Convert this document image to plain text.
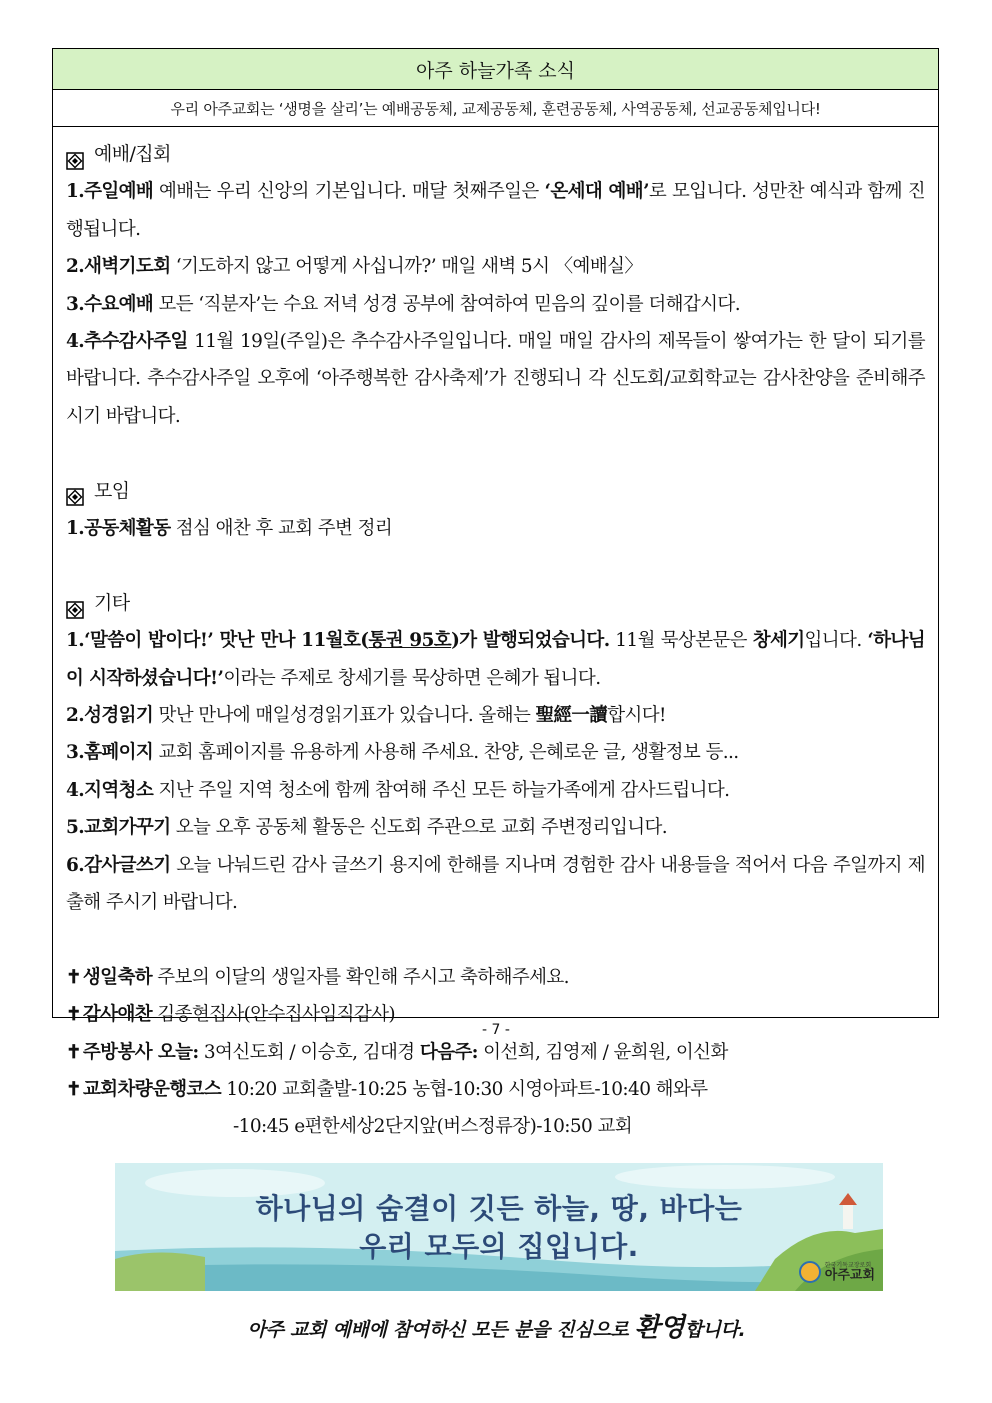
아주 하늘가족 소식
우리 아주교회는 ‘생명을 살리’는 예배공동체, 교제공동체, 훈련공동체, 사역공동체, 선교공동체입니다!
예배/집회

1.주일예배 예배는 우리 신앙의 기본입니다. 매달 첫째주일은 ‘온세대 예배’로 모입니다. 성만찬 예식과 함께 진행됩니다.

2.새벽기도회 ‘기도하지 않고 어떻게 사십니까?’ 매일 새벽 5시 〈예배실〉

3.수요예배 모든 ‘직분자’는 수요 저녁 성경 공부에 참여하여 믿음의 깊이를 더해갑시다.

4.추수감사주일 11월 19일(주일)은 추수감사주일입니다. 매일 매일 감사의 제목들이 쌓여가는 한 달이 되기를 바랍니다. 추수감사주일 오후에 ‘아주행복한 감사축제’가 진행되니 각 신도회/교회학교는 감사찬양을 준비해주시기 바랍니다.

모임

1.공동체활동 점심 애찬 후 교회 주변 정리

기타

1.‘말씀이 밥이다!’ 맛난 만나 11월호(통권 95호)가 발행되었습니다. 11월 묵상본문은 창세기입니다. ‘하나님이 시작하셨습니다!’이라는 주제로 창세기를 묵상하면 은혜가 됩니다.

2.성경읽기 맛난 만나에 매일성경읽기표가 있습니다. 올해는 聖經一讀합시다!

3.홈페이지 교회 홈페이지를 유용하게 사용해 주세요. 찬양, 은혜로운 글, 생활정보 등...

4.지역청소 지난 주일 지역 청소에 함께 참여해 주신 모든 하늘가족에게 감사드립니다.

5.교회가꾸기 오늘 오후 공동체 활동은 신도회 주관으로 교회 주변정리입니다.

6.감사글쓰기 오늘 나눠드린 감사 글쓰기 용지에 한해를 지나며 경험한 감사 내용들을 적어서 다음 주일까지 제출해 주시기 바랍니다.

✝ 생일축하 주보의 이달의 생일자를 확인해 주시고 축하해주세요.

✝ 감사애찬 김종현집사(안수집사임직감사)

✝ 주방봉사 오늘: 3여신도회 / 이승호, 김대경 다음주: 이선희, 김영제 / 윤희원, 이신화

✝ 교회차량운행코스 10:20 교회출발-10:25 농협-10:30 시영아파트-10:40 해와루

-10:45 e편한세상2단지앞(버스정류장)-10:50 교회

하나님의 숨결이 깃든 하늘, 땅, 바다는
우리 모두의 집입니다.
한국기독교장로회
아주교회
아주 교회 예배에 참여하신 모든 분을 진심으로 환영합니다.
- 7 -
